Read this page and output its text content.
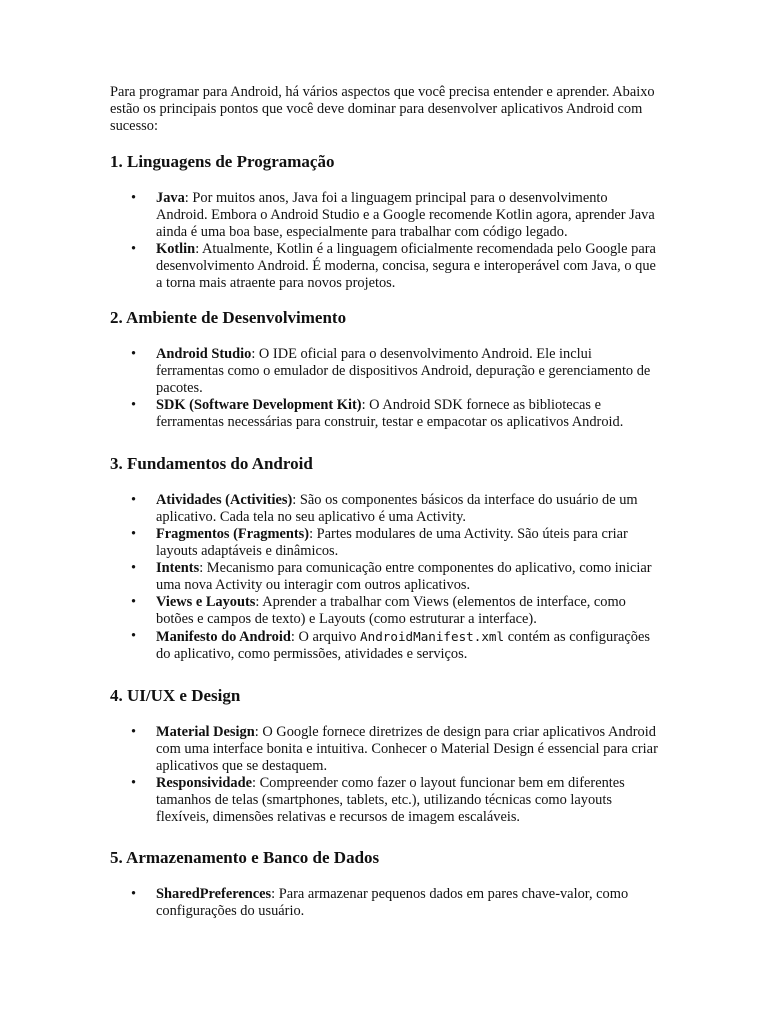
Para programar para Android, há vários aspectos que você precisa entender e aprender. Abaixo estão os principais pontos que você deve dominar para desenvolver aplicativos Android com sucesso:

1. Linguagens de Programação
• Java: Por muitos anos, Java foi a linguagem principal para o desenvolvimento Android. Embora o Android Studio e a Google recomende Kotlin agora, aprender Java ainda é uma boa base, especialmente para trabalhar com código legado.
• Kotlin: Atualmente, Kotlin é a linguagem oficialmente recomendada pelo Google para desenvolvimento Android. É moderna, concisa, segura e interoperável com Java, o que a torna mais atraente para novos projetos.
2. Ambiente de Desenvolvimento
• Android Studio: O IDE oficial para o desenvolvimento Android. Ele inclui ferramentas como o emulador de dispositivos Android, depuração e gerenciamento de pacotes.
• SDK (Software Development Kit): O Android SDK fornece as bibliotecas e ferramentas necessárias para construir, testar e empacotar os aplicativos Android.
3. Fundamentos do Android
• Atividades (Activities): São os componentes básicos da interface do usuário de um aplicativo. Cada tela no seu aplicativo é uma Activity.
• Fragmentos (Fragments): Partes modulares de uma Activity. São úteis para criar layouts adaptáveis e dinâmicos.
• Intents: Mecanismo para comunicação entre componentes do aplicativo, como iniciar uma nova Activity ou interagir com outros aplicativos.
• Views e Layouts: Aprender a trabalhar com Views (elementos de interface, como botões e campos de texto) e Layouts (como estruturar a interface).
• Manifesto do Android: O arquivo AndroidManifest.xml contém as configurações do aplicativo, como permissões, atividades e serviços.
4. UI/UX e Design
• Material Design: O Google fornece diretrizes de design para criar aplicativos Android com uma interface bonita e intuitiva. Conhecer o Material Design é essencial para criar aplicativos que se destaquem.
• Responsividade: Compreender como fazer o layout funcionar bem em diferentes tamanhos de telas (smartphones, tablets, etc.), utilizando técnicas como layouts flexíveis, dimensões relativas e recursos de imagem escaláveis.
5. Armazenamento e Banco de Dados
• SharedPreferences: Para armazenar pequenos dados em pares chave-valor, como configurações do usuário.
